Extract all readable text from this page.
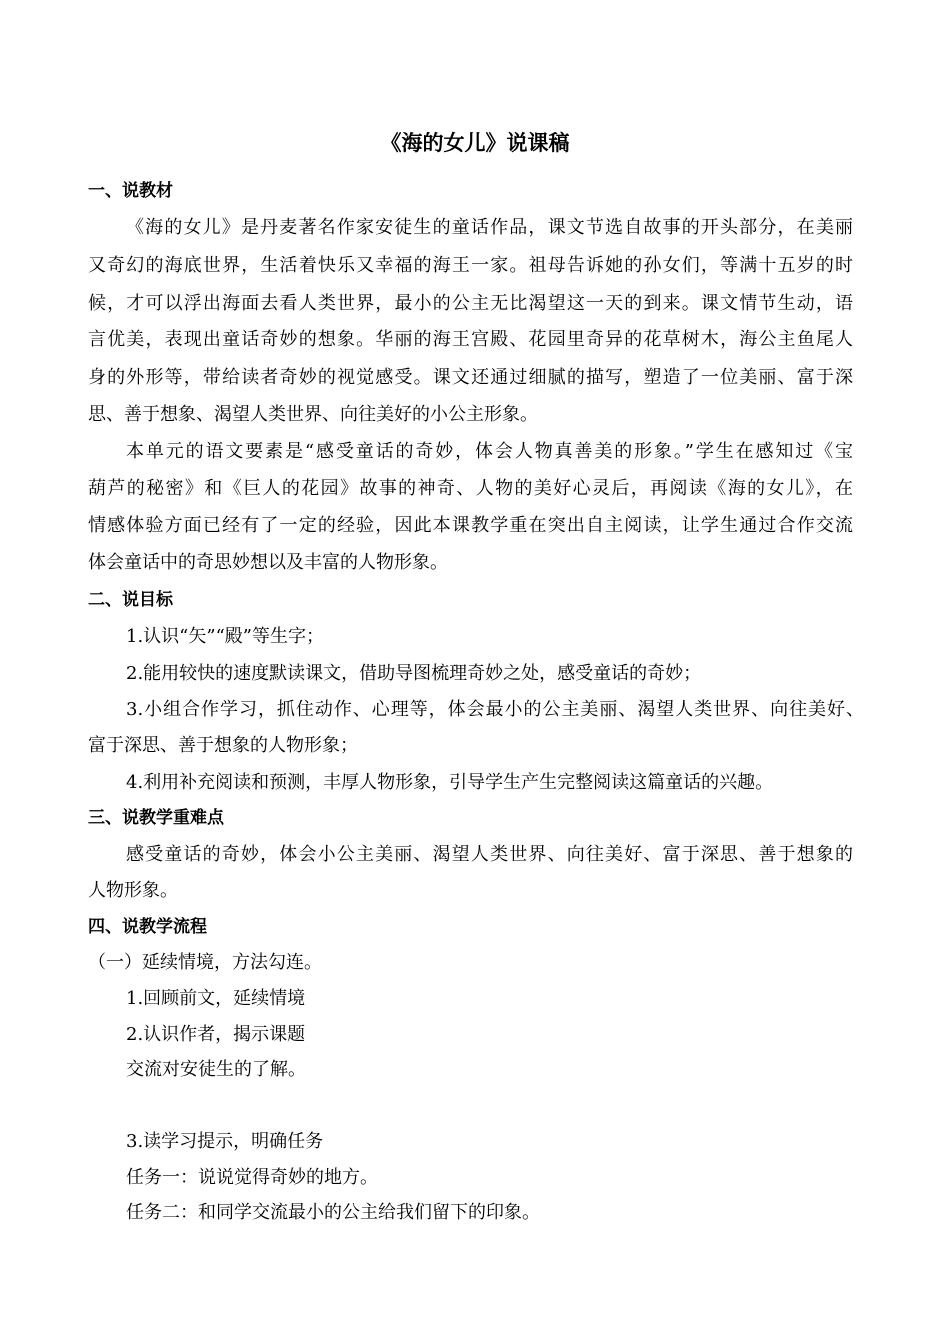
《海的女儿》说课稿
一、说教材
《海的女儿》是丹麦著名作家安徒生的童话作品，课文节选自故事的开头部分，在美丽
又奇幻的海底世界，生活着快乐又幸福的海王一家。祖母告诉她的孙女们，等满十五岁的时
候，才可以浮出海面去看人类世界，最小的公主无比渴望这一天的到来。课文情节生动，语
言优美，表现出童话奇妙的想象。华丽的海王宫殿、花园里奇异的花草树木，海公主鱼尾人
身的外形等，带给读者奇妙的视觉感受。课文还通过细腻的描写，塑造了一位美丽、富于深
思、善于想象、渴望人类世界、向往美好的小公主形象。
本单元的语文要素是“感受童话的奇妙，体会人物真善美的形象。”学生在感知过《宝
葫芦的秘密》和《巨人的花园》故事的神奇、人物的美好心灵后，再阅读《海的女儿》，在
情感体验方面已经有了一定的经验，因此本课教学重在突出自主阅读，让学生通过合作交流
体会童话中的奇思妙想以及丰富的人物形象。
二、说目标
1.认识“矢”“殿”等生字；
2.能用较快的速度默读课文，借助导图梳理奇妙之处，感受童话的奇妙；
3.小组合作学习，抓住动作、心理等，体会最小的公主美丽、渴望人类世界、向往美好、
富于深思、善于想象的人物形象；
4.利用补充阅读和预测，丰厚人物形象，引导学生产生完整阅读这篇童话的兴趣。
三、说教学重难点
感受童话的奇妙，体会小公主美丽、渴望人类世界、向往美好、富于深思、善于想象的
人物形象。
四、说教学流程
（一）延续情境，方法勾连。
1.回顾前文，延续情境
2.认识作者，揭示课题
交流对安徒生的了解。
3.读学习提示，明确任务
任务一：说说觉得奇妙的地方。
任务二：和同学交流最小的公主给我们留下的印象。
